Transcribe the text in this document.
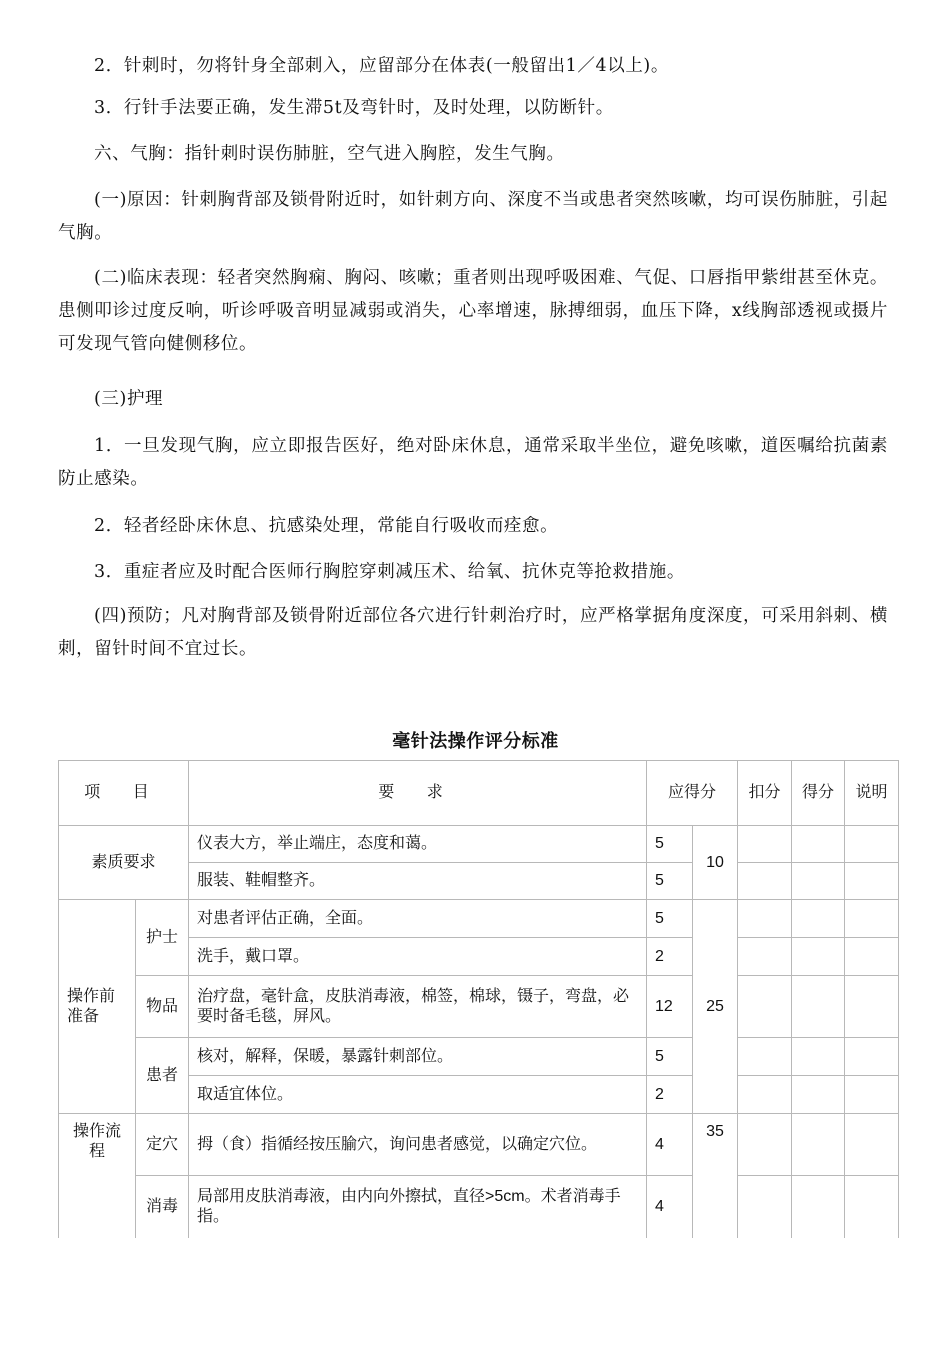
2．针刺时，勿将针身全部刺入，应留部分在体表(一般留出1／4以上)。

3．行针手法要正确，发生滞5t及弯针时，及时处理，以防断针。

六、气胸：指针刺时误伤肺脏，空气进入胸腔，发生气胸。

(一)原因：针刺胸背部及锁骨附近时，如针刺方向、深度不当或患者突然咳嗽，均可误伤肺脏，引起气胸。

(二)临床表现：轻者突然胸痫、胸闷、咳嗽；重者则出现呼吸困难、气促、口唇指甲紫绀甚至休克。患侧叩诊过度反响，听诊呼吸音明显减弱或消失，心率增速，脉搏细弱，血压下降，x线胸部透视或摄片可发现气管向健侧移位。

(三)护理

1．一旦发现气胸，应立即报告医好，绝对卧床休息，通常采取半坐位，避免咳嗽，道医嘱给抗菌素防止感染。

2．轻者经卧床休息、抗感染处理，常能自行吸收而痊愈。

3．重症者应及时配合医师行胸腔穿刺减压术、给氧、抗休克等抢救措施。

(四)预防；凡对胸背部及锁骨附近部位各穴进行针刺治疗时，应严格掌据角度深度，可采用斜刺、横刺，留针时间不宜过长。

毫针法操作评分标准
项 目		要 求	应得分		扣分	得分	说明
素质要求		仪表大方，举止端庄，态度和蔼。	5	10			
		服装、鞋帽整齐。	5				
操作前准备	护士	对患者评估正确，全面。	5	25			
		洗手，戴口罩。	2				
	物品	治疗盘，毫针盒，皮肤消毒液，棉签，棉球，镊子，弯盘，必要时备毛毯，屏风。	12				
	患者	核对，解释，保暖，暴露针刺部位。	5				
		取适宜体位。	2				
操作流程	定穴	拇（食）指循经按压腧穴，询问患者感觉，以确定穴位。	4	35			
	消毒	局部用皮肤消毒液，由内向外擦拭，直径>5cm。术者消毒手指。	4				
